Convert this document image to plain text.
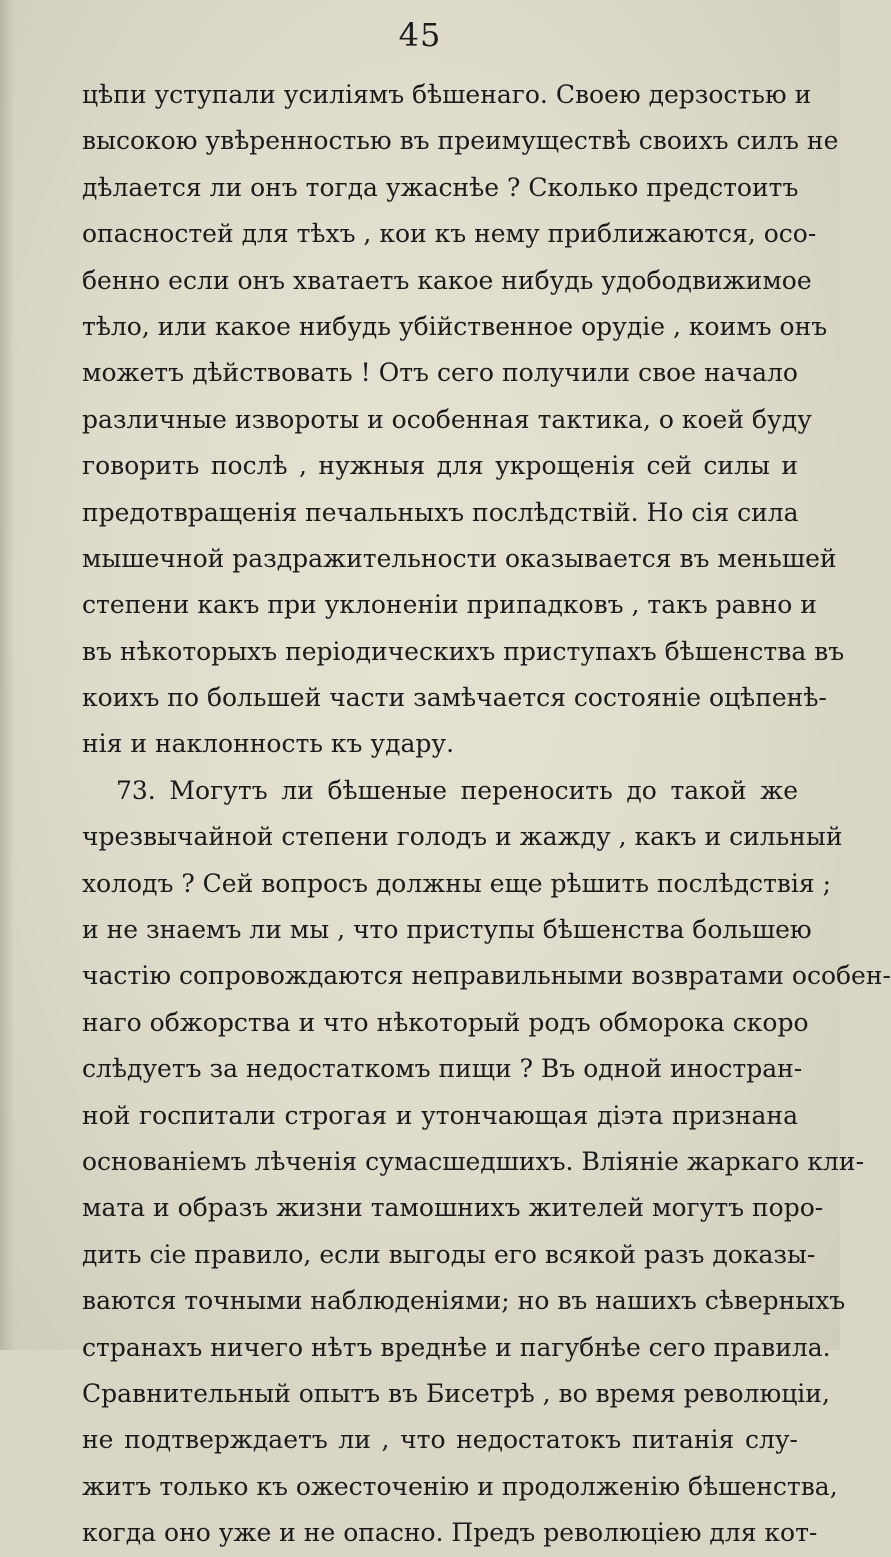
45
цѣпи уступали усиліямъ бѣшенаго. Своею дерзостью и
высокою увѣренностью въ преимуществѣ своихъ силъ не
дѣлается ли онъ тогда ужаснѣе ? Сколько предстоитъ
опасностей для тѣхъ , кои къ нему приближаются, осо-
бенно если онъ хватаетъ какое нибудь удободвижимое
тѣло, или какое нибудь убійственное орудіе , коимъ онъ
можетъ дѣйствовать ! Отъ сего получили свое начало
различные извороты и особенная тактика, о коей буду
говорить послѣ , нужныя для укрощенія сей силы и
предотвращенія печальныхъ послѣдствій. Но сія сила
мышечной раздражительности оказывается въ меньшей
степени какъ при уклоненіи припадковъ , такъ равно и
въ нѣкоторыхъ періодическихъ приступахъ бѣшенства въ
коихъ по большей части замѣчается состояніе оцѣпенѣ-
нія и наклонность къ удару.
73. Могутъ ли бѣшеные переносить до такой же
чрезвычайной степени голодъ и жажду , какъ и сильный
холодъ ? Сей вопросъ должны еще рѣшить послѣдствія ;
и не знаемъ ли мы , что приступы бѣшенства большею
частію сопровождаются неправильными возвратами особен-
наго обжорства и что нѣкоторый родъ обморока скоро
слѣдуетъ за недостаткомъ пищи ? Въ одной иностран-
ной госпитали строгая и утончающая діэта признана
основаніемъ лѣченія сумасшедшихъ. Вліяніе жаркаго кли-
мата и образъ жизни тамошнихъ жителей могутъ поро-
дить сіе правило, если выгоды его всякой разъ доказы-
ваются точными наблюденіями; но въ нашихъ сѣверныхъ
странахъ ничего нѣтъ вреднѣе и пагубнѣе сего правила.
Сравнительный опытъ въ Бисетрѣ , во время революціи,
не подтверждаетъ ли , что недостатокъ питанія слу-
житъ только къ ожесточенію и продолженію бѣшенства,
когда оно уже и не опасно. Предъ революціею для кот-
